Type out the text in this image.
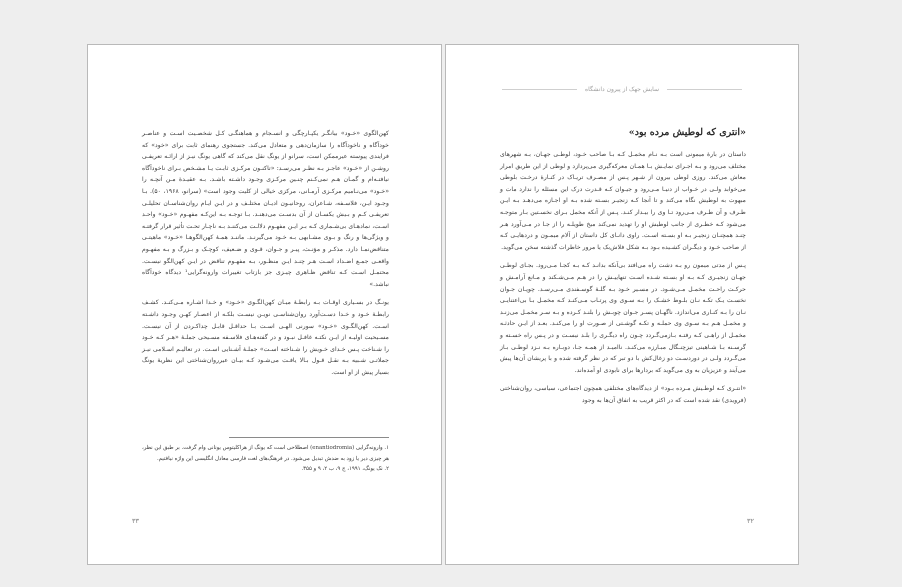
کهن‌الگوی «خـود» بیانگـر یکپـارچگی و انسـجام و هماهنگـی کـل شخصـیت اسـت و عناصـر خودآگاه و ناخودآگاه را سازمان‌دهی و متعادل می‌کند. جستجوی رهنمای ثابت برای «خود» که فرایندی پیوسته عیرممکن است، سرانو از یونگ نقل می‌کند که گاهی یونگ نیـز از ارائـه تعریفـی روشـن از «خـود» عاجـز بـه نظـر می‌رسـد: «تاکنـون مرکـزی ثابـت یـا مشـخص بـرای ناخودآگاه نیافتـه‌ام و گمـان هـم نمی‌کـنم چنـین مرکـزی وجـود داشـته باشـد. بـه عقیـدهٔ مـن آنچـه را «خـود» می‌نـامیم مرکـزی آرمـانی، مرکزی خیالی از کلیت وجود است» (سرانو، ۱۹۶۸، ۵۰). بـا وجـود ایـن، فلاسـفه، شـاعران، روحانیـون ادیـان مختلـف و در ایـن ایـام روان‌شناسـان تحلیلـی تعریفـی کـم و بـیش یکسـان از آن بدسـت می‌دهنـد. بـا توجـه بـه این‌کـه مفهـوم «خـود» واحـد اسـت، نمادهـای بی‌شـماری کـه بـر ایـن مفهـوم دلالـت می‌کننـد بـه ناچـار تحـت تأثیر قرار گرفتـه و ویژگی‌ها و رنگ و بـوی مشـابهی بـه خـود می‌گیرنـد. ماننـد همـهٔ کهن‌الگوهـا «خـود» ماهیتـی متناقض‌نمـا دارد. مذکـر و مؤنـث، پیـر و جـوان، قـوی و ضـعیف، کوچـک و بـزرگ و بـه مفهـوم واقعـی جمـع اضـداد اسـت هـر چنـد ایـن منظـور، بـه مفهـوم تناقض در ایـن کهن‌الگو نیسـت. محتمـل اسـت کـه تناقض ظـاهری چیـزی جز بازتاب تغییرات وارونه‌گرایی¹ دیدگاه خودآگاه نباشد.»

یونـگ در بسـیاری اوقـات بـه رابطـهٔ میـان کهن‌الگـوی «خـود» و خـدا اشـاره مـی‌کنـد. کشـف رابطـهٔ خـود و خـدا دسـت‌آورد روان‌شناسـی نویـن نیسـت بلکـه از اعصـار کهـن وجـود داشـته اسـت. کهن‌الگـوی «خـود» سورنی الهـی اسـت بـا حداقـل قابـل چداکـردن از آن نیسـت. مسـیحیت اولیـه از ایـن نکتـه غافـل نبـود و در گفته‌هـای فلاسـفه مسـیحی جملـهٔ «هـر کـه خـود را شـناخت پـس خـدای خـویش را شـناخته اسـت» جملـهٔ آشـنایی اسـت. در تعالیـم اسـلامی نیـز جملاتـی شـبیه بـه نقـل قـول بـالا یافـت می‌شـود کـه بیـان عیرروان‌شناختی این نظریهٔ یونگ بسیار پیش از او است.

۱. وارونه‌گرایی (enantiodromia) اصطلاحی است که یونگ از هراکلیتوس یونانی وام گرفت. بر طبق این نظر، هر چیزی دیر یا زود به ضدش تبدیل می‌شود. در فرهنگ‌های لغت فارسی معادل انگلیسی این واژه نیافتیم.
۲. نک یونگ، ۱۹۹۱، ج ۹، ب ۲، ۹ و ۳۵۵.
۳۳
سایش جهک از پیرون دانشگاه
«انتری که لوطیش مرده بود»

داستان در بارهٔ میمونی است بـه نـام مخمـل کـه بـا صاحب خـود، لوطـی جهـان، بـه شهرهای مختلف می‌رود و بـه اجـرای نمایـش بـا همـان معرکه‌گیری می‌پردازد و لوطی از این طریق امرار معاش می‌کند. روزی لوطی بیرون از شـهر پـس از مصـرف تریـاک در کنـارهٔ درخـت بلوطی می‌خوابد ولـی در خـواب از دنیـا مـی‌رود و جیـوان کـه قـدرت درک این مسئله را ندارد مات و مبهوت به لوطیش نگاه می‌کند و تا آنجا کـه زنجیـر بسـته شده بـه او اجـازه می‌دهـد بـه ایـن طـرف و آن طـرف مـی‌رود تـا وی را بیـدار کنـد. پـس از آنکه مخمل بـرای نخسـتین بـار متوجـه می‌شود کـه خطـری از جانب لوطیش او را تهدید نمی‌کند میخ طویلـه را از جـا در مـی‌آورد هـر چنـد همچنـان زنجیـر بـه او بسـته اسـت. راوی دانـای کل داستان از آلام میمـون و دردهایـی کـه از صاحب خـود و دیگـران کشـیده بـود بـه شکل فلاش‌بک یا مرور خاطرات گذشته سخن می‌گوید.

پـس از مدتی میمون رو بـه دشت راه می‌افتد بی‌آنکه بدانـد کـه بـه کجـا مـی‌رود. بجـای لوطـی جهـان زنجیـری کـه بـه او بسـته شـده اسـت تنهاییـش را در هـم مـی‌شـکند و مـانع آرامـش و حرکـت راحـت مخمـل مـی‌شـود. در مسـیر خـود بـه گلـهٔ گوسـفندی مـی‌رسـد. چوپـان جـوان نخسـت یـک تکـه نـان بلـوط خشـک را بـه سـوی وی پرتـاب مـی‌کنـد کـه مخمـل بـا بی‌اعتنایـی نـان را بـه کنـاری می‌اندازد. ناگهـان پسـر جـوان چوبـش را بلنـد کـرده و بـه سـر مخمـل می‌زنـد و مخمـل هـم بـه سـوی وی حملـه و تکـه گوشـتی از صـورت او را می‌کنـد. بعـد از ایـن حادثـه مخمـل از راهـی کـه رفتـه بـازمی‌گـردد چـون راه دیگـری را بلـد نیسـت و در پـس راه خسـته و گرسـنه بـا شـاهینی تیزچنـگال مبـارزه می‌کنـد. ناامیـد از همـه جـا، دوبـاره بـه نـزد لوطـی بـاز می‌گـردد ولـی در دوردسـت دو زغال‌کش با دو تبر که در نظر گرفته شده و با پریشان آن‌ها پیش می‌آیند و عزیزیان به وی می‌گوید که بردارها برای نابودی او آمده‌اند.

«انتـری کـه لوطـیش مـرده بـود» از دیدگاه‌های مختلفی همچون اجتماعی، سیاسی، روان‌شناختی (فرویدی) نقد شده است که در اکثر قریب به اتفاق آن‌ها به وجود

۳۲
